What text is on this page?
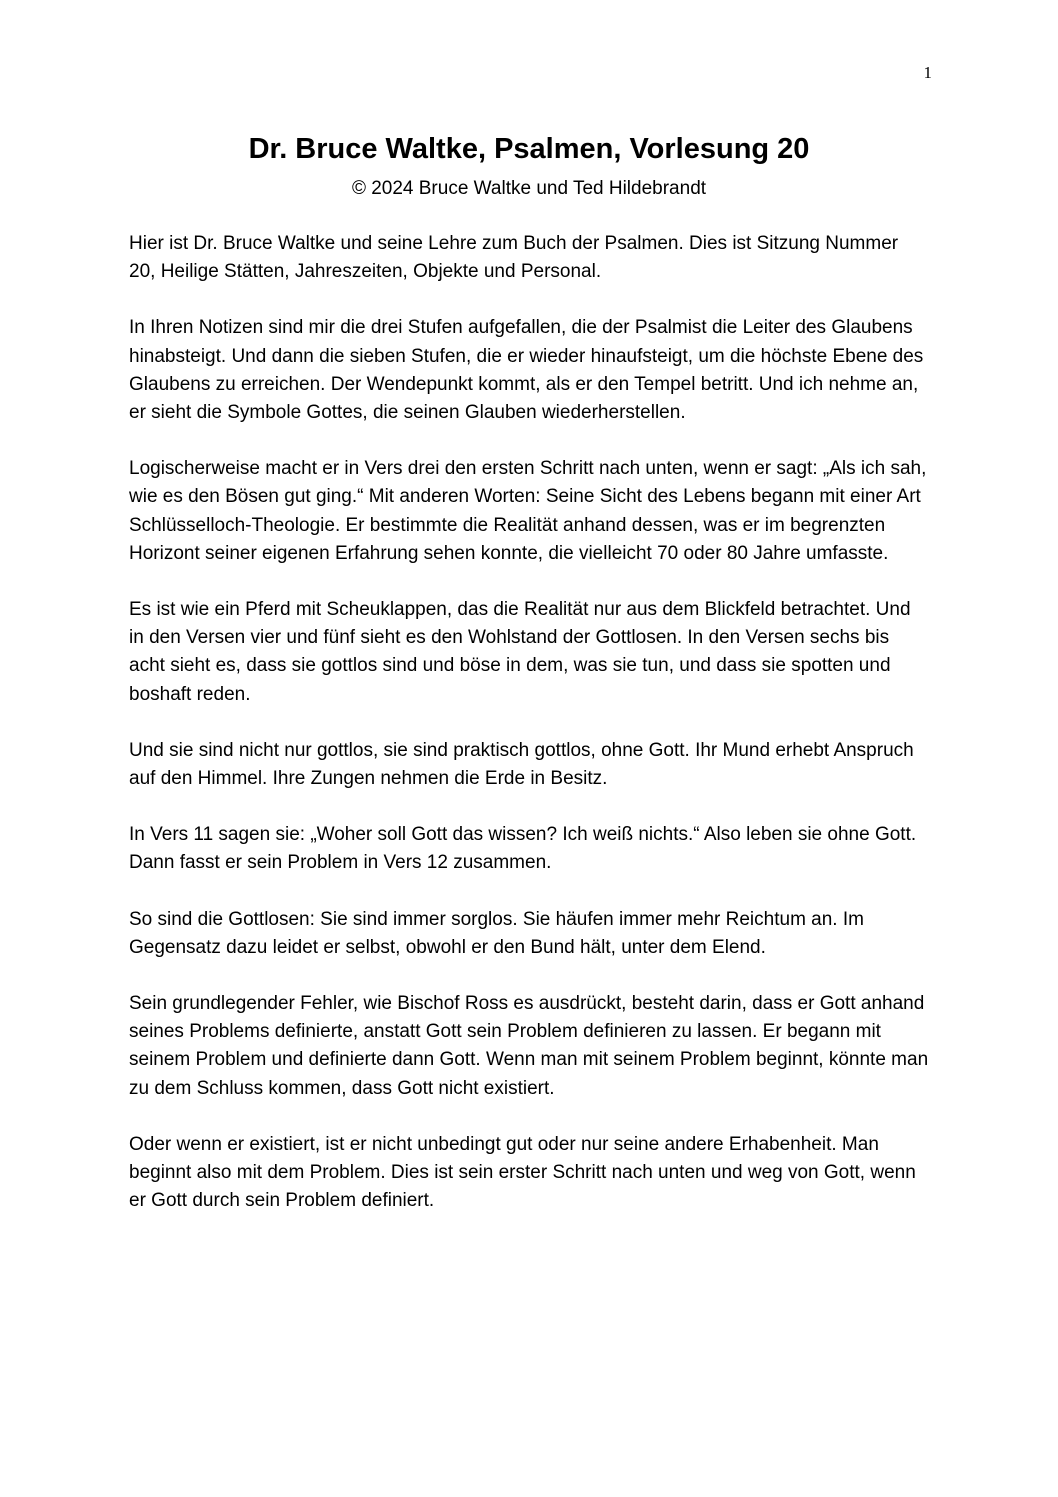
1
Dr. Bruce Waltke, Psalmen, Vorlesung 20
© 2024 Bruce Waltke und Ted Hildebrandt

Hier ist Dr. Bruce Waltke und seine Lehre zum Buch der Psalmen. Dies ist Sitzung Nummer 20, Heilige Stätten, Jahreszeiten, Objekte und Personal.

In Ihren Notizen sind mir die drei Stufen aufgefallen, die der Psalmist die Leiter des Glaubens hinabsteigt. Und dann die sieben Stufen, die er wieder hinaufsteigt, um die höchste Ebene des Glaubens zu erreichen. Der Wendepunkt kommt, als er den Tempel betritt. Und ich nehme an, er sieht die Symbole Gottes, die seinen Glauben wiederherstellen.

Logischerweise macht er in Vers drei den ersten Schritt nach unten, wenn er sagt: „Als ich sah, wie es den Bösen gut ging.“ Mit anderen Worten: Seine Sicht des Lebens begann mit einer Art Schlüsselloch-Theologie. Er bestimmte die Realität anhand dessen, was er im begrenzten Horizont seiner eigenen Erfahrung sehen konnte, die vielleicht 70 oder 80 Jahre umfasste.

Es ist wie ein Pferd mit Scheuklappen, das die Realität nur aus dem Blickfeld betrachtet. Und in den Versen vier und fünf sieht es den Wohlstand der Gottlosen. In den Versen sechs bis acht sieht es, dass sie gottlos sind und böse in dem, was sie tun, und dass sie spotten und boshaft reden.

Und sie sind nicht nur gottlos, sie sind praktisch gottlos, ohne Gott. Ihr Mund erhebt Anspruch auf den Himmel. Ihre Zungen nehmen die Erde in Besitz.

In Vers 11 sagen sie: „Woher soll Gott das wissen? Ich weiß nichts.“ Also leben sie ohne Gott. Dann fasst er sein Problem in Vers 12 zusammen.

So sind die Gottlosen: Sie sind immer sorglos. Sie häufen immer mehr Reichtum an. Im Gegensatz dazu leidet er selbst, obwohl er den Bund hält, unter dem Elend.

Sein grundlegender Fehler, wie Bischof Ross es ausdrückt, besteht darin, dass er Gott anhand seines Problems definierte, anstatt Gott sein Problem definieren zu lassen. Er begann mit seinem Problem und definierte dann Gott. Wenn man mit seinem Problem beginnt, könnte man zu dem Schluss kommen, dass Gott nicht existiert.

Oder wenn er existiert, ist er nicht unbedingt gut oder nur seine andere Erhabenheit. Man beginnt also mit dem Problem. Dies ist sein erster Schritt nach unten und weg von Gott, wenn er Gott durch sein Problem definiert.
